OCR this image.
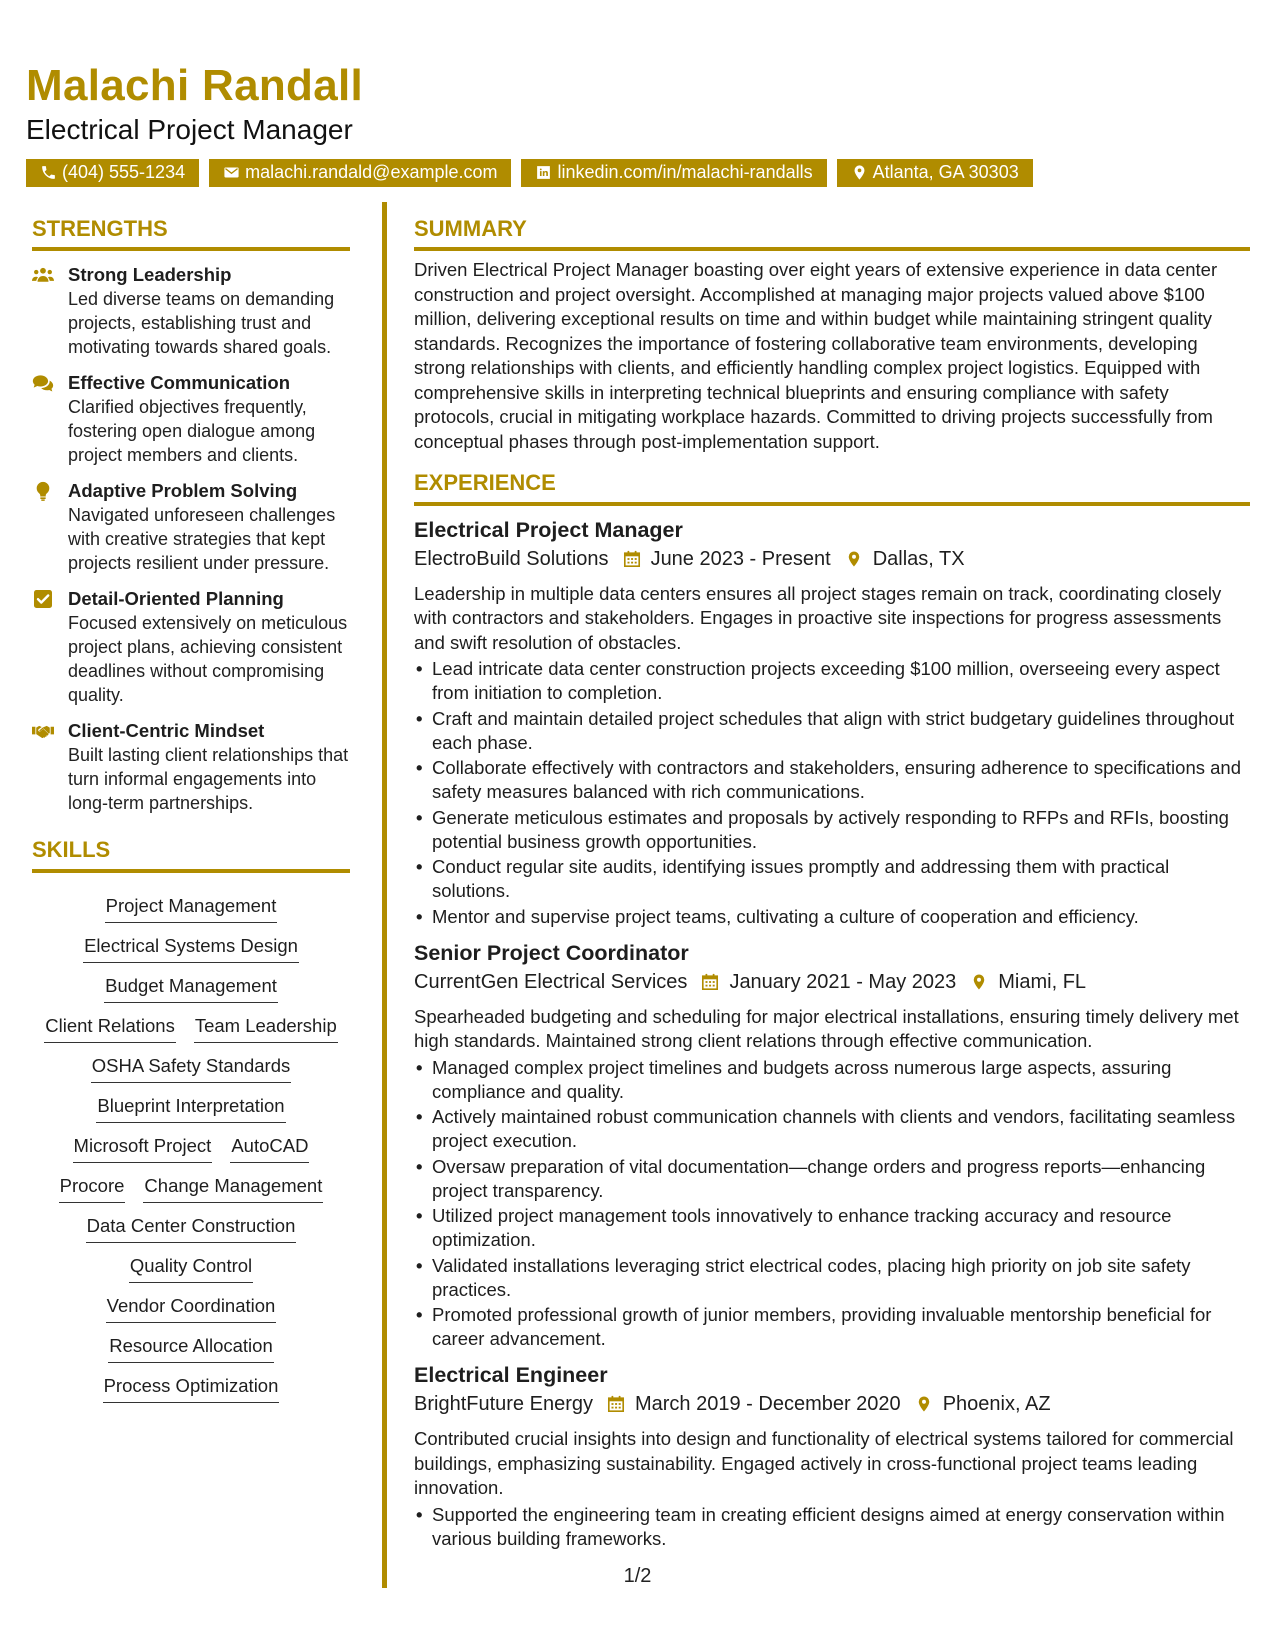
Malachi Randall
Electrical Project Manager
(404) 555-1234	malachi.randald@example.com	linkedin.com/in/malachi-randalls	Atlanta, GA 30303
STRENGTHS
Strong Leadership
Led diverse teams on demanding projects, establishing trust and motivating towards shared goals.
Effective Communication
Clarified objectives frequently, fostering open dialogue among project members and clients.
Adaptive Problem Solving
Navigated unforeseen challenges with creative strategies that kept projects resilient under pressure.
Detail-Oriented Planning
Focused extensively on meticulous project plans, achieving consistent deadlines without compromising quality.
Client-Centric Mindset
Built lasting client relationships that turn informal engagements into long-term partnerships.
SKILLS
Project Management
Electrical Systems Design
Budget Management
Client Relations Team Leadership
OSHA Safety Standards
Blueprint Interpretation
Microsoft Project AutoCAD
Procore Change Management
Data Center Construction
Quality Control
Vendor Coordination
Resource Allocation
Process Optimization
SUMMARY
Driven Electrical Project Manager boasting over eight years of extensive experience in data center construction and project oversight. Accomplished at managing major projects valued above $100 million, delivering exceptional results on time and within budget while maintaining stringent quality standards. Recognizes the importance of fostering collaborative team environments, developing strong relationships with clients, and efficiently handling complex project logistics. Equipped with comprehensive skills in interpreting technical blueprints and ensuring compliance with safety protocols, crucial in mitigating workplace hazards. Committed to driving projects successfully from conceptual phases through post-implementation support.
EXPERIENCE
Electrical Project Manager
ElectroBuild Solutions June 2023 - Present Dallas, TX
Leadership in multiple data centers ensures all project stages remain on track, coordinating closely with contractors and stakeholders. Engages in proactive site inspections for progress assessments and swift resolution of obstacles.
• Lead intricate data center construction projects exceeding $100 million, overseeing every aspect from initiation to completion.
• Craft and maintain detailed project schedules that align with strict budgetary guidelines throughout each phase.
• Collaborate effectively with contractors and stakeholders, ensuring adherence to specifications and safety measures balanced with rich communications.
• Generate meticulous estimates and proposals by actively responding to RFPs and RFIs, boosting potential business growth opportunities.
• Conduct regular site audits, identifying issues promptly and addressing them with practical solutions.
• Mentor and supervise project teams, cultivating a culture of cooperation and efficiency.
Senior Project Coordinator
CurrentGen Electrical Services January 2021 - May 2023 Miami, FL
Spearheaded budgeting and scheduling for major electrical installations, ensuring timely delivery met high standards. Maintained strong client relations through effective communication.
• Managed complex project timelines and budgets across numerous large aspects, assuring compliance and quality.
• Actively maintained robust communication channels with clients and vendors, facilitating seamless project execution.
• Oversaw preparation of vital documentation—change orders and progress reports—enhancing project transparency.
• Utilized project management tools innovatively to enhance tracking accuracy and resource optimization.
• Validated installations leveraging strict electrical codes, placing high priority on job site safety practices.
• Promoted professional growth of junior members, providing invaluable mentorship beneficial for career advancement.
Electrical Engineer
BrightFuture Energy March 2019 - December 2020 Phoenix, AZ
Contributed crucial insights into design and functionality of electrical systems tailored for commercial buildings, emphasizing sustainability. Engaged actively in cross-functional project teams leading innovation.
• Supported the engineering team in creating efficient designs aimed at energy conservation within various building frameworks.
1/2
